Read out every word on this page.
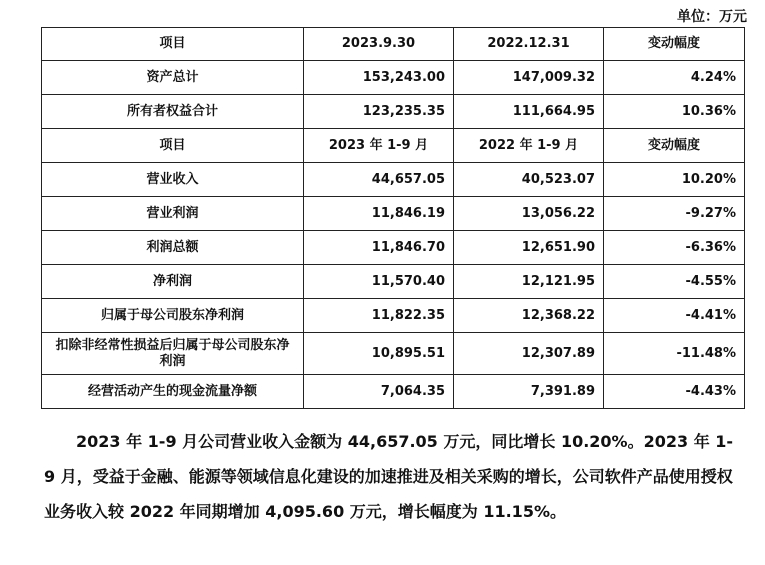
单位：万元
项目	2023.9.30	2022.12.31	变动幅度
资产总计	153,243.00	147,009.32	4.24%
所有者权益合计	123,235.35	111,664.95	10.36%
项目	2023 年 1-9 月	2022 年 1-9 月	变动幅度
营业收入	44,657.05	40,523.07	10.20%
营业利润	11,846.19	13,056.22	-9.27%
利润总额	11,846.70	12,651.90	-6.36%
净利润	11,570.40	12,121.95	-4.55%
归属于母公司股东净利润	11,822.35	12,368.22	-4.41%
扣除非经常性损益后归属于母公司股东净利润	10,895.51	12,307.89	-11.48%
经营活动产生的现金流量净额	7,064.35	7,391.89	-4.43%

2023 年 1-9 月公司营业收入金额为 44,657.05 万元，同比增长 10.20%。2023 年 1-9 月，受益于金融、能源等领域信息化建设的加速推进及相关采购的增长，公司软件产品使用授权业务收入较 2022 年同期增加 4,095.60 万元，增长幅度为 11.15%。
